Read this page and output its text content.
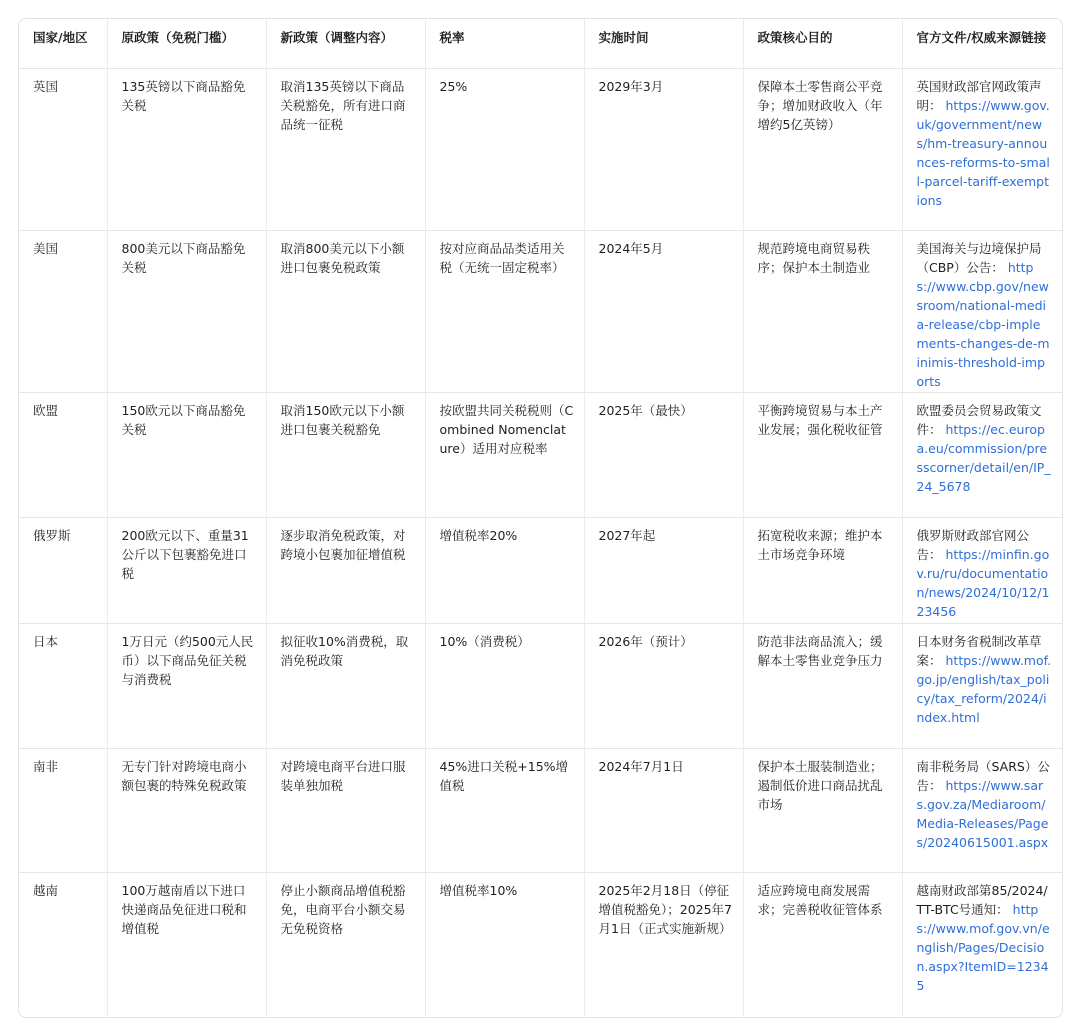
国家/地区	原政策（免税门槛）	新政策（调整内容）	税率	实施时间	政策核心目的	官方文件/权威来源链接
英国	135英镑以下商品豁免关税	取消135英镑以下商品关税豁免，所有进口商品统一征税	25%	2029年3月	保障本土零售商公平竞争；增加财政收入（年增约5亿英镑）	英国财政部官网政策声明： https://www.gov.uk/government/news/hm-treasury-announces-reforms-to-small-parcel-tariff-exemptions
美国	800美元以下商品豁免关税	取消800美元以下小额进口包裹免税政策	按对应商品品类适用关税（无统一固定税率）	2024年5月	规范跨境电商贸易秩序；保护本土制造业	美国海关与边境保护局（CBP）公告： https://www.cbp.gov/newsroom/national-media-release/cbp-implements-changes-de-minimis-threshold-imports
欧盟	150欧元以下商品豁免关税	取消150欧元以下小额进口包裹关税豁免	按欧盟共同关税税则（Combined Nomenclature）适用对应税率	2025年（最快）	平衡跨境贸易与本土产业发展；强化税收征管	欧盟委员会贸易政策文件： https://ec.europa.eu/commission/presscorner/detail/en/IP_24_5678
俄罗斯	200欧元以下、重量31公斤以下包裹豁免进口税	逐步取消免税政策，对跨境小包裹加征增值税	增值税率20%	2027年起	拓宽税收来源；维护本土市场竞争环境	俄罗斯财政部官网公告： https://minfin.gov.ru/ru/documentation/news/2024/10/12/123456
日本	1万日元（约500元人民币）以下商品免征关税与消费税	拟征收10%消费税，取消免税政策	10%（消费税）	2026年（预计）	防范非法商品流入；缓解本土零售业竞争压力	日本财务省税制改革草案： https://www.mof.go.jp/english/tax_policy/tax_reform/2024/index.html
南非	无专门针对跨境电商小额包裹的特殊免税政策	对跨境电商平台进口服装单独加税	45%进口关税+15%增值税	2024年7月1日	保护本土服装制造业；遏制低价进口商品扰乱市场	南非税务局（SARS）公告： https://www.sars.gov.za/Mediaroom/Media-Releases/Pages/20240615001.aspx
越南	100万越南盾以下进口快递商品免征进口税和增值税	停止小额商品增值税豁免，电商平台小额交易无免税资格	增值税率10%	2025年2月18日（停征增值税豁免）；2025年7月1日（正式实施新规）	适应跨境电商发展需求；完善税收征管体系	越南财政部第85/2024/TT-BTC号通知： https://www.mof.gov.vn/english/Pages/Decision.aspx?ItemID=12345
